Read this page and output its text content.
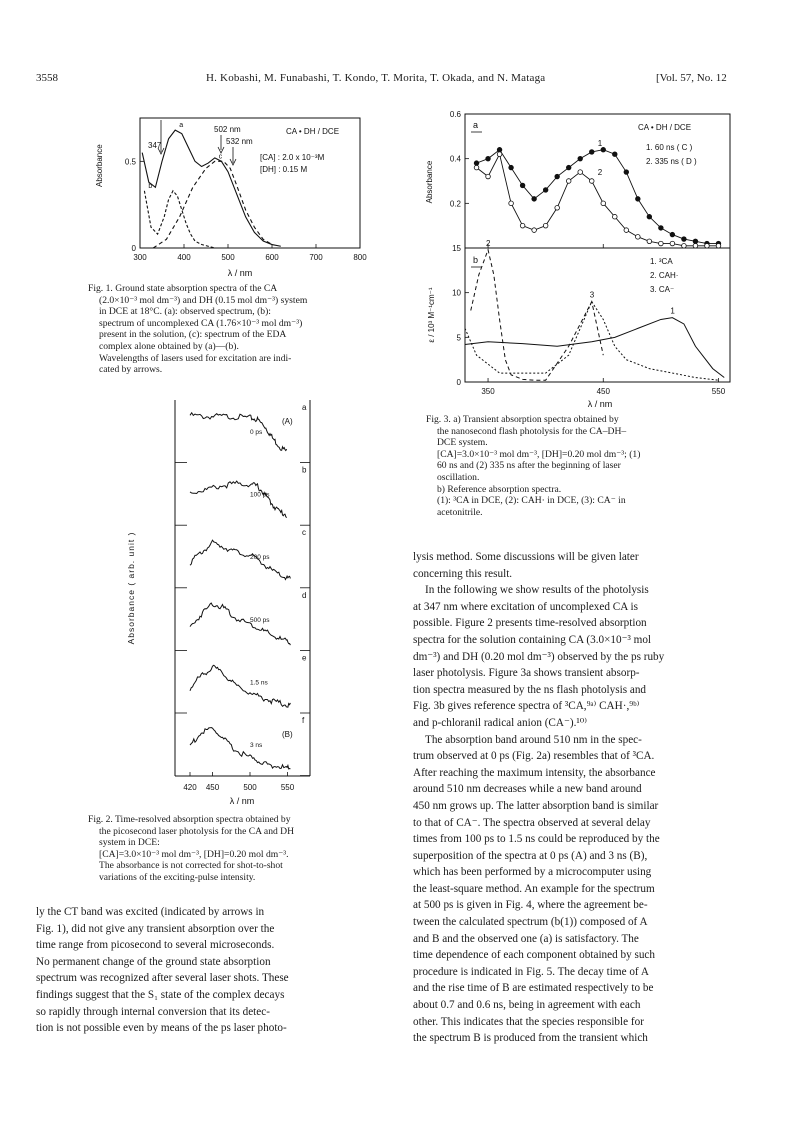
3558	H. Kobashi, M. Funabashi, T. Kondo, T. Morita, T. Okada, and N. Mataga	[Vol. 57, No. 12
300	400	500	600	700	800
0
0.5
a
b
c
Absorbance
λ / nm
CA • DH / DCE
[CA] : 2.0 x 10⁻³M
[DH] : 0.15 M
502 nm
532 nm
347

Fig. 1. Ground state absorption spectra of the CA

(2.0×10⁻³ mol dm⁻³) and DH (0.15 mol dm⁻³) system

in DCE at 18°C. (a): observed spectrum, (b):

spectrum of uncomplexed CA (1.76×10⁻³ mol dm⁻³)

present in the solution, (c): spectrum of the EDA

complex alone obtained by (a)—(b).

Wavelengths of lasers used for excitation are indi-

cated by arrows.

a
0 ps
(A)
b
100 ps
c
200 ps
d
500 ps
e
1.5 ns
f
3 ns
(B)
420 450	500	550
Absorbance ( arb. unit )
λ / nm

Fig. 2. Time-resolved absorption spectra obtained by

the picosecond laser photolysis for the CA and DH

system in DCE:

[CA]=3.0×10⁻³ mol dm⁻³, [DH]=0.20 mol dm⁻³.

The absorbance is not corrected for shot-to-shot

variations of the exciting-pulse intensity.

ly the CT band was excited (indicated by arrows in

Fig. 1), did not give any transient absorption over the

time range from picosecond to several microseconds.

No permanent change of the ground state absorption

spectrum was recognized after several laser shots. These

findings suggest that the S₁ state of the complex decays

so rapidly through internal conversion that its detec-

tion is not possible even by means of the ps laser photo-

0.2
0.4
0.6
0
5
10
15
350	450	550
1
2
1
2
3
a
b
CA • DH / DCE
1. 60 ns ( C )
2. 335 ns ( D )
1. ³CA
2. CAH·
3. CA⁻
Absorbance
ε / 10³ M⁻¹cm⁻¹
λ / nm

Fig. 3. a) Transient absorption spectra obtained by

the nanosecond flash photolysis for the CA–DH–

DCE system.

[CA]=3.0×10⁻³ mol dm⁻³, [DH]=0.20 mol dm⁻³; (1)

60 ns and (2) 335 ns after the beginning of laser

oscillation.

b) Reference absorption spectra.

(1): ³CA in DCE, (2): CAH· in DCE, (3): CA⁻ in

acetonitrile.

lysis method. Some discussions will be given later

concerning this result.

In the following we show results of the photolysis

at 347 nm where excitation of uncomplexed CA is

possible. Figure 2 presents time-resolved absorption

spectra for the solution containing CA (3.0×10⁻³ mol

dm⁻³) and DH (0.20 mol dm⁻³) observed by the ps ruby

laser photolysis. Figure 3a shows transient absorp-

tion spectra measured by the ns flash photolysis and

Fig. 3b gives reference spectra of ³CA,⁹ᵃ⁾ CAH·,⁹ᵇ⁾

and p-chloranil radical anion (CA⁻).¹⁰⁾

The absorption band around 510 nm in the spec-

trum observed at 0 ps (Fig. 2a) resembles that of ³CA.

After reaching the maximum intensity, the absorbance

around 510 nm decreases while a new band around

450 nm grows up. The latter absorption band is similar

to that of CA⁻. The spectra observed at several delay

times from 100 ps to 1.5 ns could be reproduced by the

superposition of the spectra at 0 ps (A) and 3 ns (B),

which has been performed by a microcomputer using

the least-square method. An example for the spectrum

at 500 ps is given in Fig. 4, where the agreement be-

tween the calculated spectrum (b(1)) composed of A

and B and the observed one (a) is satisfactory. The

time dependence of each component obtained by such

procedure is indicated in Fig. 5. The decay time of A

and the rise time of B are estimated respectively to be

about 0.7 and 0.6 ns, being in agreement with each

other. This indicates that the species responsible for

the spectrum B is produced from the transient which
